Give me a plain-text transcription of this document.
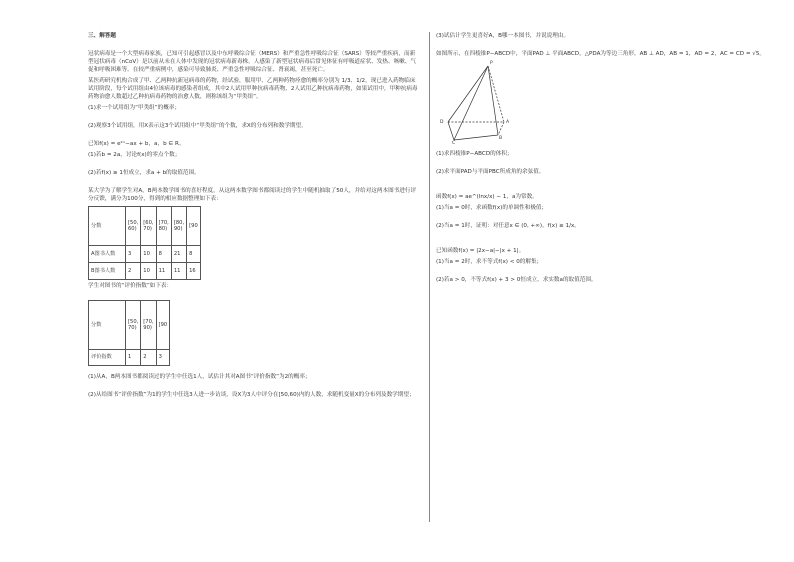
三、解答题

冠状病毒是一个大型病毒家族，已知可引起感冒以及中东呼吸综合征（MERS）和严重急性呼吸综合征（SARS）等较严重疾病，而新型冠状病毒（nCoV）是以前从未在人体中发现的冠状病毒新毒株。人感染了新型冠状病毒后常见体征有呼吸道症状、发热、咳嗽、气促和呼吸困难等。在较严重病例中，感染可导致肺炎、严重急性呼吸综合征、肾衰竭，甚至死亡。

某医药研究机构合成了甲、乙两种抗新冠病毒的药物，经试验，服用甲、乙两种药物痊愈的概率分别为 1/3、1/2，现已进入药物临床试用阶段，每个试用组由4位该病毒的感染者组成，其中2人试用甲种抗病毒药物，2人试用乙种抗病毒药物，如果试用中，甲种抗病毒药物治愈人数超过乙种抗病毒药物的治愈人数，则称该组为“甲类组”。

(1)求一个试用组为“甲类组”的概率；

(2)观察3个试用组，用X表示这3个试用组中“甲类组”的个数，求X的分布列和数学期望。

已知f(x) = e²ˣ−ax + b，a，b ∈ R。

(1)若b = 2a，讨论f(x)的零点个数；

(2)若f(x) ≥ 1恒成立，求a + b的取值范围。

某大学为了解学生对A，B两本数学图书的喜好程度，从这两本数学图书都阅读过的学生中随机抽取了50人，并给对这两本图书进行评分反馈，满分为100分，得到的相应数据整理如下表：

分数	[50, 60)	[60, 70)	[70, 80)	[80, 90)	[90
A图书人数	3	10	8	21	8
B图书人数	2	10	11	11	16

学生对图书的“评价指数”如下表：

分数	[50, 70)	[70, 90)	[90
评价指数	1	2	3

(1)从A，B两本图书都阅读过的学生中任选1人，试估计其对A图书“评价指数”为2的概率；

(2)从给图书“评价指数”为1的学生中任选3人进一步访谈，设X为3人中评分在[50,60)内的人数，求随机变量X的分布列及数学期望；

(3)试估计学生更喜好A，B哪一本图书，并说说理由。

如图所示，在四棱锥P−ABCD中，平面PAD ⊥ 平面ABCD，△PDA为等边三角形，AB ⊥ AD，AB = 1，AD = 2，AC = CD = √5。

P
D	A
B
C

(1)求四棱锥P−ABCD的体积；

(2)求平面PAD与平面PBC所成角的余弦值。

函数f(x) = ae^(lnx/x) − 1，a为常数。

(1)当a = 0时，求函数f(x)的单调性和极值；

(2)当a = 1时，证明：对任意x ∈ (0, +∞)，f(x) ≥ 1/x。

已知函数f(x) = |2x−a|−|x + 1|。

(1)当a = 2时，求不等式f(x) < 0的解集；

(2)若a > 0，不等式f(x) + 3 > 0恒成立，求实数a的取值范围。
